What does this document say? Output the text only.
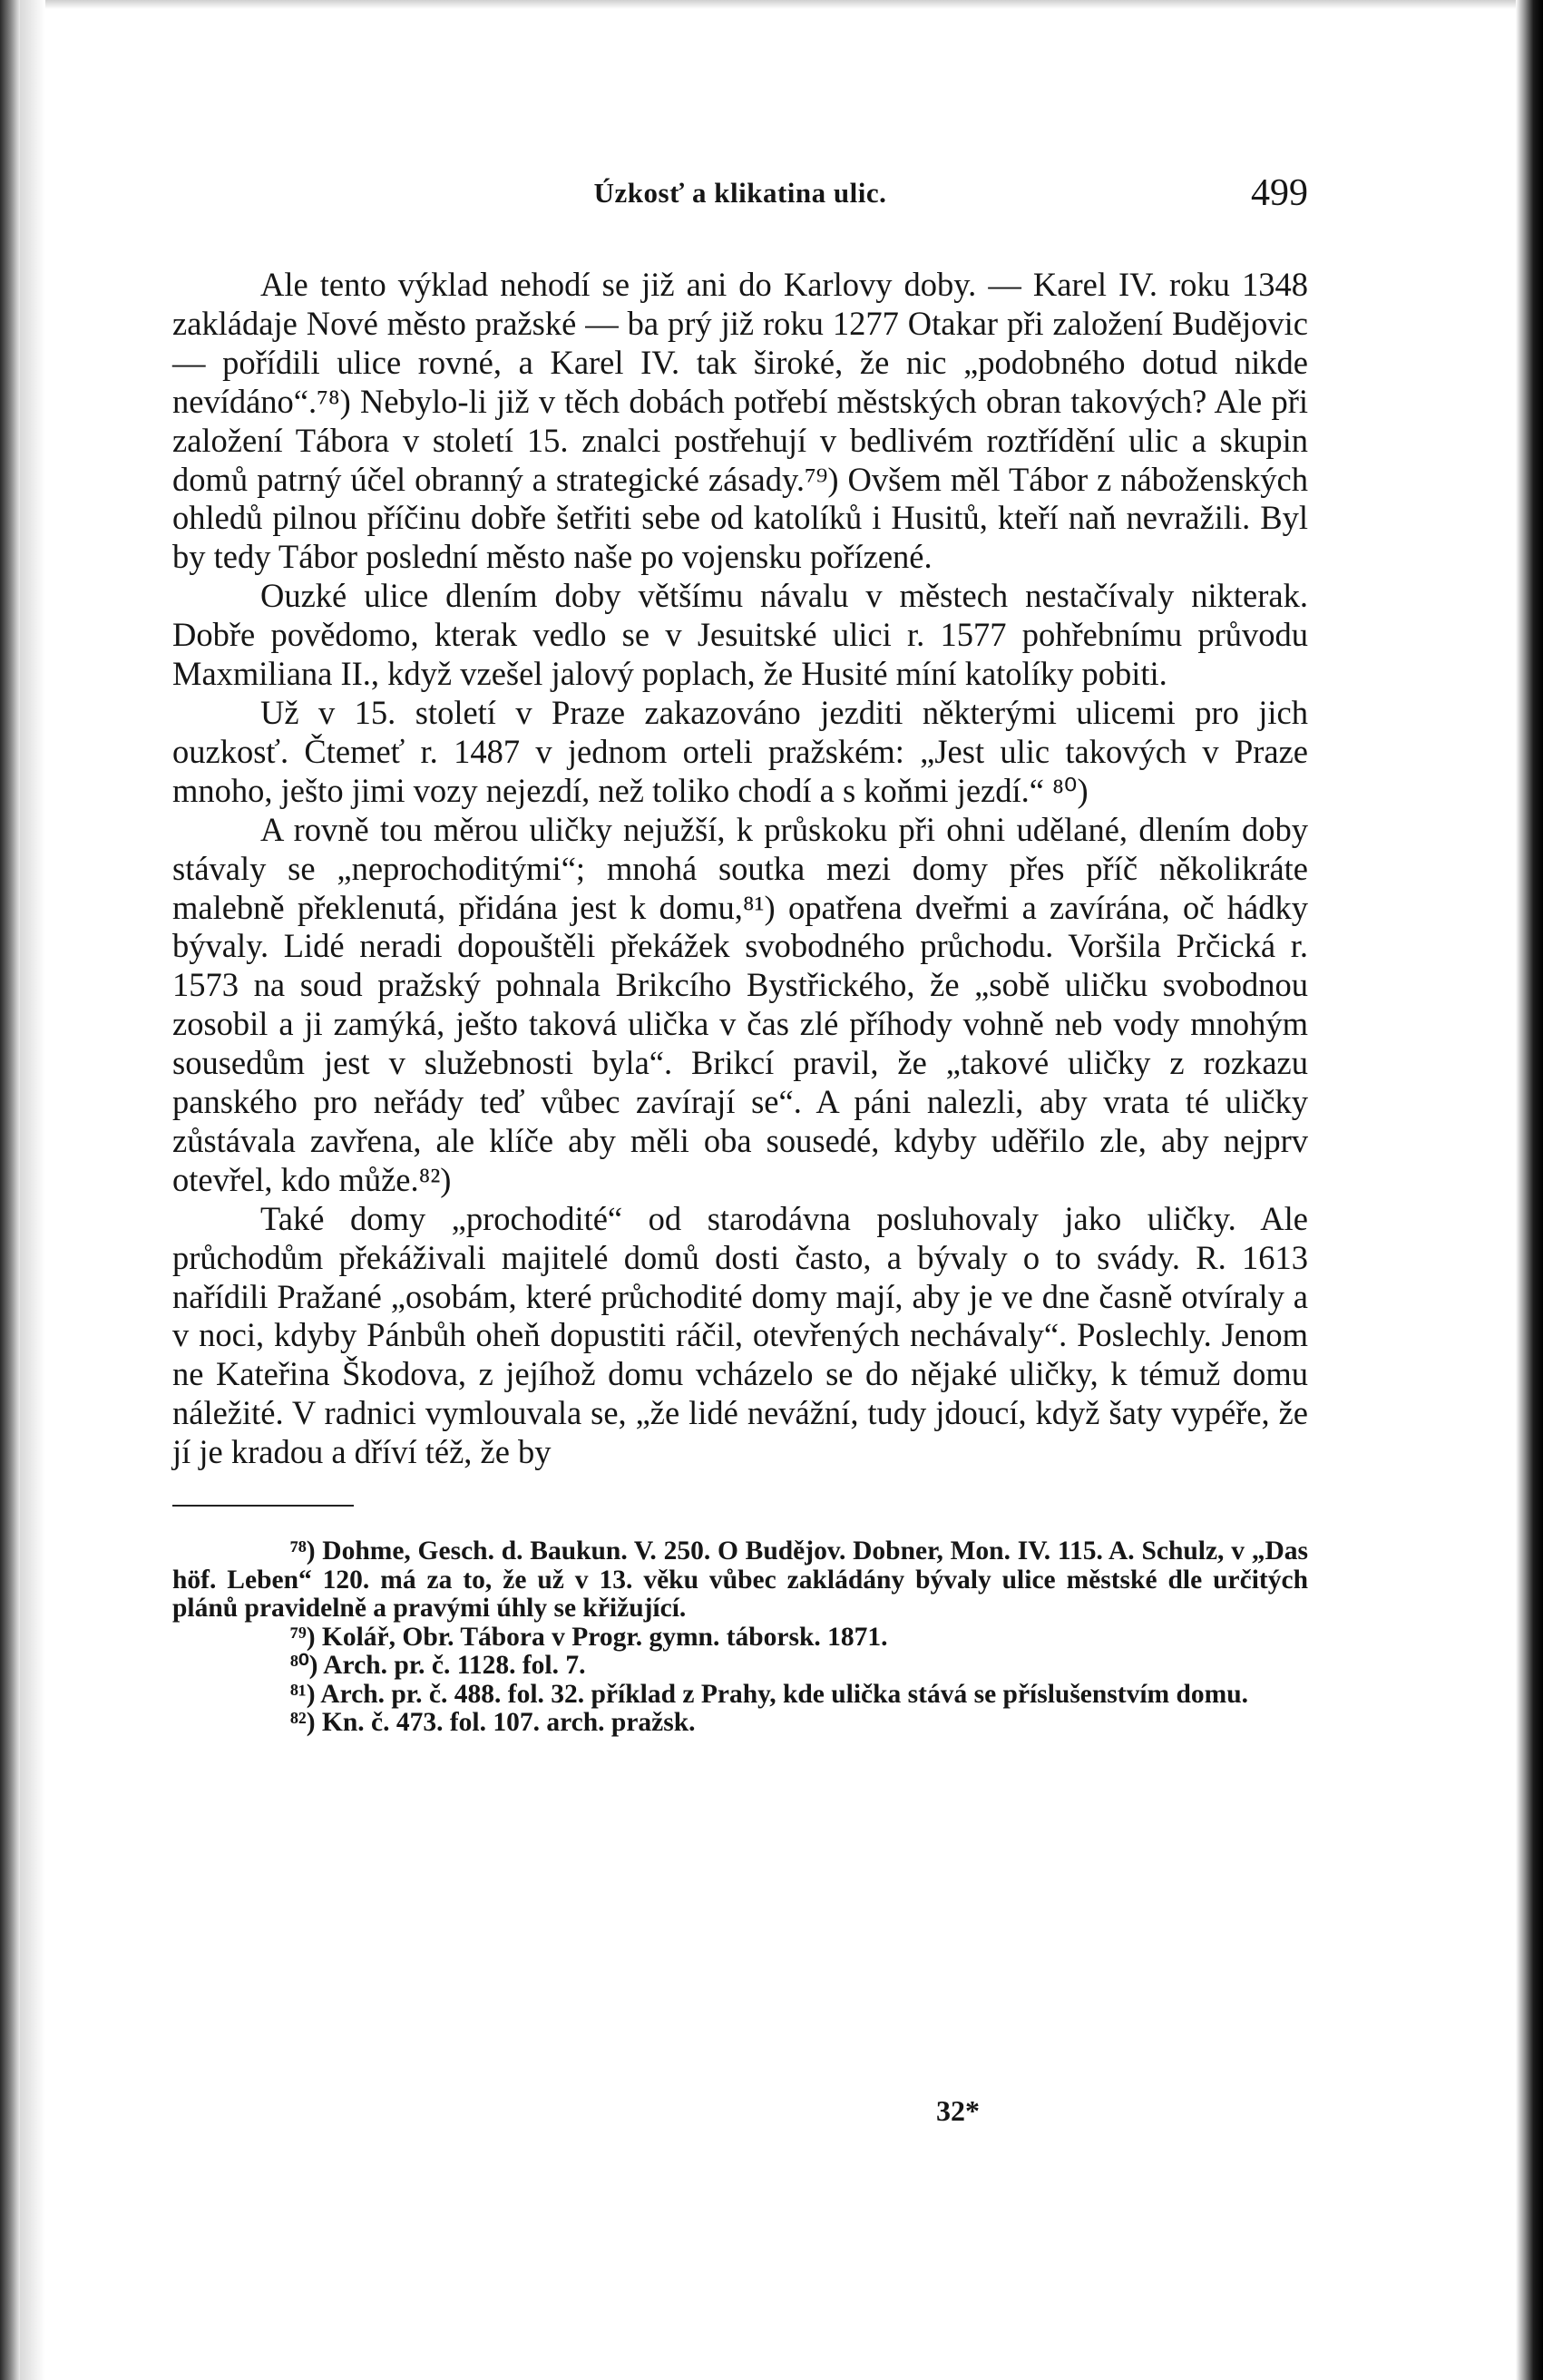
Úzkosť a klikatina ulic.	499

Ale tento výklad nehodí se již ani do Karlovy doby. — Karel IV. roku 1348 zakládaje Nové město pražské — ba prý již roku 1277 Otakar při založení Budějovic — pořídili ulice rovné, a Karel IV. tak široké, že nic „podobného dotud nikde nevídáno“.⁷⁸) Nebylo-li již v těch dobách potřebí městských obran takových? Ale při založení Tábora v století 15. znalci postřehují v bedlivém roztřídění ulic a skupin domů patrný účel obranný a strategické zásady.⁷⁹) Ovšem měl Tábor z náboženských ohledů pilnou příčinu dobře šetřiti sebe od katolíků i Husitů, kteří naň nevražili. Byl by tedy Tábor poslední město naše po vojensku pořízené.

Ouzké ulice dlením doby většímu návalu v městech nestačívaly nikterak. Dobře povědomo, kterak vedlo se v Jesuitské ulici r. 1577 pohřebnímu průvodu Maxmiliana II., když vzešel jalový poplach, že Husité míní katolíky pobiti.

Už v 15. století v Praze zakazováno jezditi některými ulicemi pro jich ouzkosť. Čtemeť r. 1487 v jednom orteli pražském: „Jest ulic takových v Praze mnoho, ješto jimi vozy nejezdí, než toliko chodí a s koňmi jezdí.“ ⁸⁰)

A rovně tou měrou uličky nejužší, k průskoku při ohni udělané, dlením doby stávaly se „neprochoditými“; mnohá soutka mezi domy přes příč několikráte malebně překlenutá, přidána jest k domu,⁸¹) opatřena dveřmi a zavírána, oč hádky bývaly. Lidé neradi dopouštěli překážek svobodného průchodu. Voršila Prčická r. 1573 na soud pražský pohnala Brikcího Bystřického, že „sobě uličku svobodnou zosobil a ji zamýká, ješto taková ulička v čas zlé příhody vohně neb vody mnohým sousedům jest v služebnosti byla“. Brikcí pravil, že „takové uličky z rozkazu panského pro neřády teď vůbec zavírají se“. A páni nalezli, aby vrata té uličky zůstávala zavřena, ale klíče aby měli oba sousedé, kdyby uděřilo zle, aby nejprv otevřel, kdo může.⁸²)

Také domy „prochodité“ od starodávna posluhovaly jako uličky. Ale průchodům překáživali majitelé domů dosti často, a bývaly o to svády. R. 1613 nařídili Pražané „osobám, které průchodité domy mají, aby je ve dne časně otvíraly a v noci, kdyby Pánbůh oheň dopustiti ráčil, otevřených nechávaly“. Poslechly. Jenom ne Kateřina Škodova, z jejíhož domu vcházelo se do nějaké uličky, k témuž domu náležité. V radnici vymlouvala se, „že lidé nevážní, tudy jdoucí, když šaty vypéře, že jí je kradou a dříví též, že by

⁷⁸) Dohme, Gesch. d. Baukun. V. 250. O Budějov. Dobner, Mon. IV. 115. A. Schulz, v „Das höf. Leben“ 120. má za to, že už v 13. věku vůbec zakládány bývaly ulice městské dle určitých plánů pravidelně a pravými úhly se křižující.

⁷⁹) Kolář, Obr. Tábora v Progr. gymn. táborsk. 1871.

⁸⁰) Arch. pr. č. 1128. fol. 7.

⁸¹) Arch. pr. č. 488. fol. 32. příklad z Prahy, kde ulička stává se příslušenstvím domu.

⁸²) Kn. č. 473. fol. 107. arch. pražsk.

32*
